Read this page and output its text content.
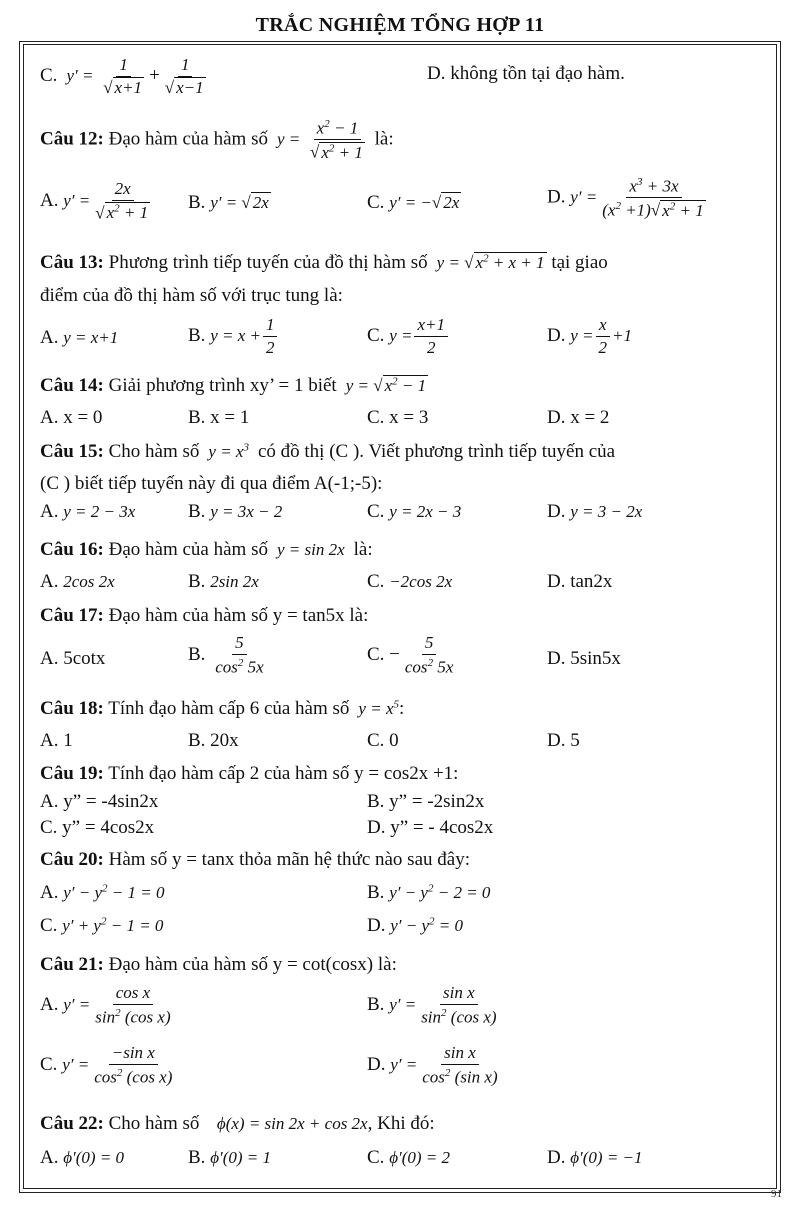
TRẮC NGHIỆM TỔNG HỢP 11
91
C.  $y' = \frac{1}{√ x+1} + \frac{1}{√ x-1}$	D. không tồn tại đạo hàm.
Câu 12: Đạo hàm của hàm số  $y = \frac{x^2 - 1}{√ x^2 + 1}$ là:
A. $y' = \frac{2x}{√ x^2 + 1} B$. y′ = √ 2x	C. y′ = −√ 2x	D. $y' = \frac{x^3 + 3x}{(x^2 +1)√ x^2 + 1}$
Câu 13: Phương trình tiếp tuyến của đồ thị hàm số  y = √ $x^2 + x + 1$ tại giao
điểm của đồ thị hàm số với trục tung là:
A. y = x+1	B. $y = x + \frac{1}{2}$	C. $y = \frac{x+1}{2}$	D. $y = \frac{x}{2} +1$
Câu 14: Giải phương trình xy’ = 1 biết  y = √ $x^2 - 1$
A. x = 0	B. x = 1	C. x = 3	D. x = 2
Câu 15: Cho hàm số  $y = x^3$ có đồ thị (C ). Viết phương trình tiếp tuyến của
(C ) biết tiếp tuyến này đi qua điểm A(-1;-5):
A. y = 2 − 3x	B. y = 3x − 2	C. y = 2x − 3	D. y = 3 − 2x
Câu 16: Đạo hàm của hàm số  y = sin 2x  là:
A. 2cos 2x	B. 2sin 2x	C. −2cos 2x	D. tan2x
Câu 17: Đạo hàm của hàm số y = tan5x là:
A. 5cotx	B. $\frac{5}{\cos^2 5x}$	C. − $\frac{5}{\cos^2 5x}$	D. 5sin5x
Câu 18: Tính đạo hàm cấp 6 của hàm số  $y = x^5$:
A. 1	B. 20x	C. 0	D. 5
Câu 19: Tính đạo hàm cấp 2 của hàm số y = cos2x +1:
A. y” = -4sin2x	B. y” = -2sin2x
C. y” = 4cos2x	D. y” = - 4cos2x
Câu 20: Hàm số y = tanx thỏa mãn hệ thức nào sau đây:
A. $y' - y^2 - 1 = 0$	B. $y' - y^2 - 2 = 0$
C. $y' + y^2 - 1 = 0$	D. $y' - y^2 = 0$
Câu 21: Đạo hàm của hàm số y = cot(cosx) là:
A. $y' = \frac{\text{cos x}}{\sin^2 (\cos x)}$	B. $y' = \frac{\text{sin x}}{\sin^2 (\cos x)}$
C. $y' = \frac{\text{−sin x}}{\cos^2 (\cos x)}$	D. $y' = \frac{\text{sin x}}{\cos^2 (\sin x)}$
Câu 22: Cho hàm số    ϕ(x) = sin 2x + cos 2x, Khi đó:
A. ϕ′(0) = 0	B. ϕ′(0) = 1	C. ϕ′(0) = 2	D. ϕ′(0) = −1
